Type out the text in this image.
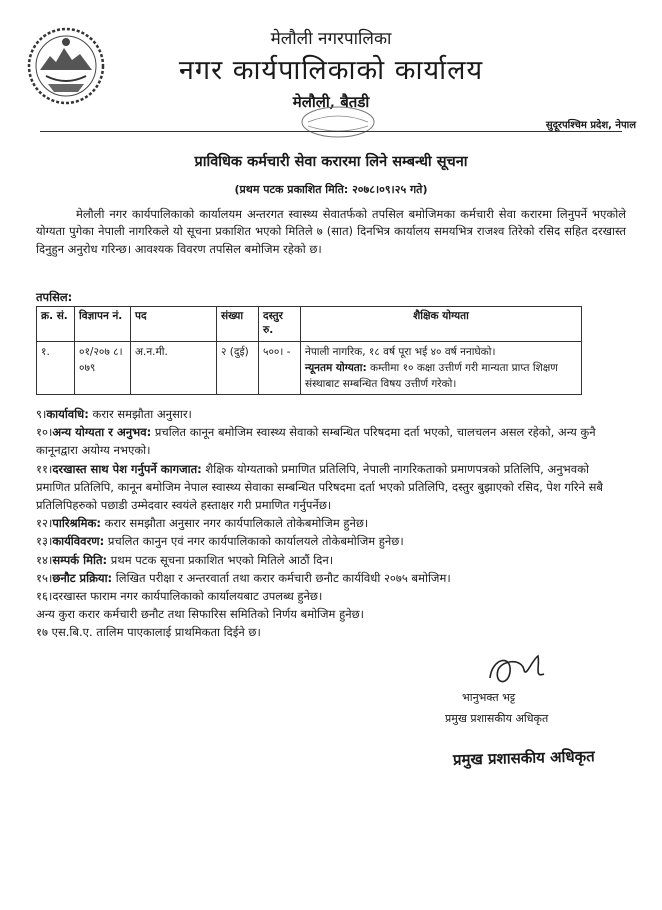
मेलौली नगरपालिका
नगर कार्यपालिकाको कार्यालय
मेलौली, बैतडी
सुदूरपश्चिम प्रदेश, नेपाल
प्राविधिक कर्मचारी सेवा करारमा लिने सम्बन्धी सूचना
(प्रथम पटक प्रकाशित मिति: २०७८।०९।२५ गते)
मेलौली नगर कार्यपालिकाको कार्यालयम अन्तरगत स्वास्थ्य सेवातर्फको तपसिल बमोजिमका कर्मचारी सेवा करारमा लिनुपर्ने भएकोले योग्यता पुगेका नेपाली नागरिकले यो सूचना प्रकाशित भएको मितिले ७ (सात) दिनभित्र कार्यालय समयभित्र राजश्व तिरेको रसिद सहित दरखास्त दिनुहुन अनुरोध गरिन्छ। आवश्यक विवरण तपसिल बमोजिम रहेको छ।
तपसिल:
क्र. सं.	विज्ञापन नं.	पद	संख्या	दस्तुर रु.	शैक्षिक योग्यता
१.	०१/२०७ ८।०७९	अ.न.मी.	२ (दुई)	५००। -	नेपाली नागरिक, १८ वर्ष पूरा भई ४० वर्ष ननाघेको।
न्यूनतम योग्यता: कम्तीमा १० कक्षा उत्तीर्ण गरी मान्यता प्राप्त शिक्षण संस्थाबाट सम्बन्धित विषय उत्तीर्ण गरेको।

९।कार्यावधि: करार समझौता अनुसार।

१०।अन्य योग्यता र अनुभव: प्रचलित कानून बमोजिम स्वास्थ्य सेवाको सम्बन्धित परिषदमा दर्ता भएको, चालचलन असल रहेको, अन्य कुनै कानूनद्वारा अयोग्य नभएको।

११।दरखास्त साथ पेश गर्नुपर्ने कागजात: शैक्षिक योग्यताको प्रमाणित प्रतिलिपि, नेपाली नागरिकताको प्रमाणपत्रको प्रतिलिपि, अनुभवको प्रमाणित प्रतिलिपि, कानून बमोजिम नेपाल स्वास्थ्य सेवाका सम्बन्धित परिषदमा दर्ता भएको प्रतिलिपि, दस्तुर बुझाएको रसिद, पेश गरिने सबै प्रतिलिपिहरुको पछाडी उम्मेदवार स्वयंले हस्ताक्षर गरी प्रमाणित गर्नुपर्नेछ।

१२।पारिश्रमिक: करार समझौता अनुसार नगर कार्यपालिकाले तोकेबमोजिम हुनेछ।

१३।कार्यविवरण: प्रचलित कानुन एवं नगर कार्यपालिकाको कार्यालयले तोकेबमोजिम हुनेछ।

१४।सम्पर्क मिति: प्रथम पटक सूचना प्रकाशित भएको मितिले आठौं दिन।

१५।छनौट प्रक्रिया: लिखित परीक्षा र अन्तरवार्ता तथा करार कर्मचारी छनौट कार्यविधी २०७५ बमोजिम।

१६।दरखास्त फाराम नगर कार्यपालिकाको कार्यालयबाट उपलब्ध हुनेछ।

अन्य कुरा करार कर्मचारी छनौट तथा सिफारिस समितिको निर्णय बमोजिम हुनेछ।

१७ एस.बि.ए. तालिम पाएकालाई प्राथमिकता दिईने छ।

भानुभक्त भट्ट
प्रमुख प्रशासकीय अधिकृत
प्रमुख प्रशासकीय अधिकृत
